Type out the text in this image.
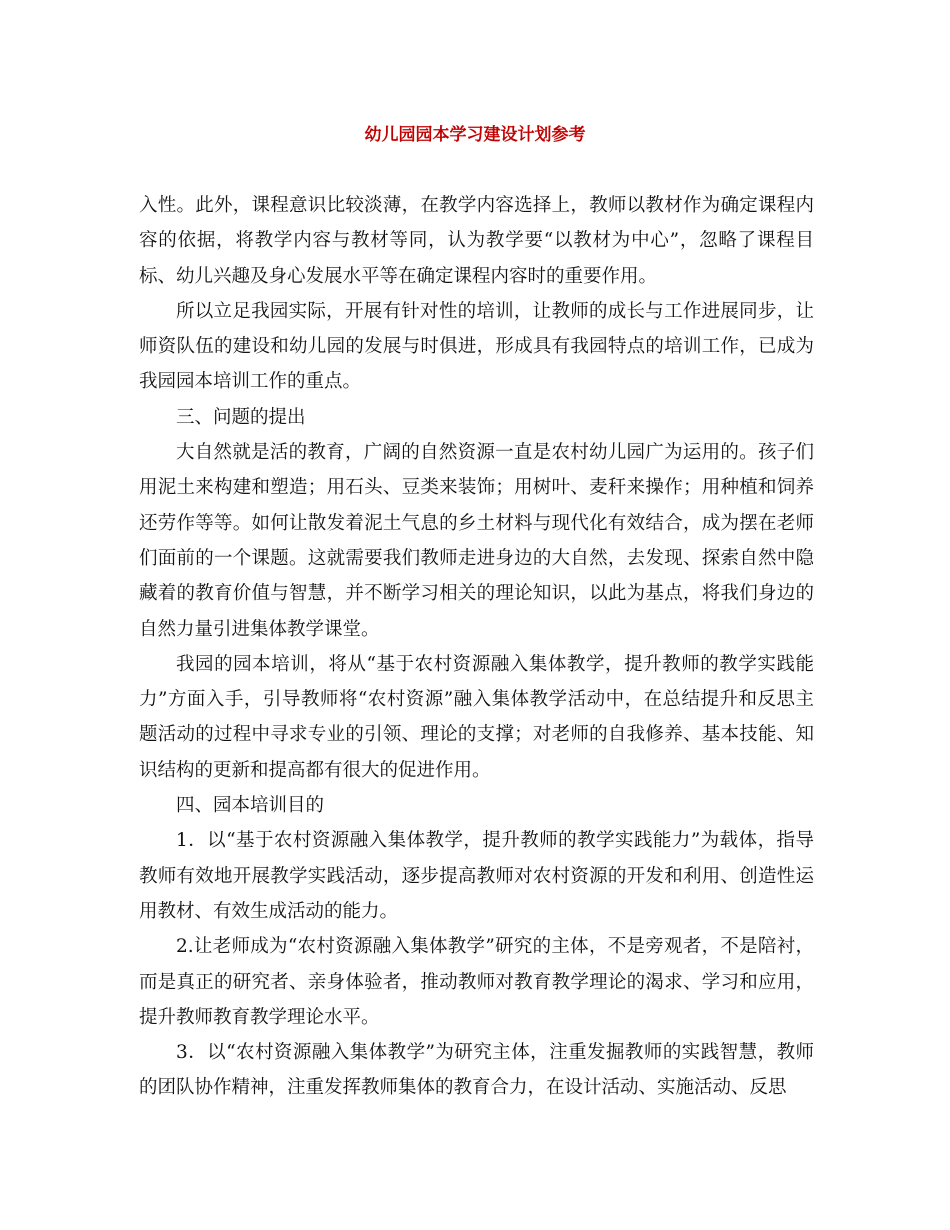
幼儿园园本学习建设计划参考

入性。此外，课程意识比较淡薄，在教学内容选择上，教师以教材作为确定课程内容的依据，将教学内容与教材等同，认为教学要“以教材为中心”，忽略了课程目标、幼儿兴趣及身心发展水平等在确定课程内容时的重要作用。

所以立足我园实际，开展有针对性的培训，让教师的成长与工作进展同步，让师资队伍的建设和幼儿园的发展与时俱进，形成具有我园特点的培训工作，已成为我园园本培训工作的重点。

三、问题的提出

大自然就是活的教育，广阔的自然资源一直是农村幼儿园广为运用的。孩子们用泥土来构建和塑造；用石头、豆类来装饰；用树叶、麦秆来操作；用种植和饲养还劳作等等。如何让散发着泥土气息的乡土材料与现代化有效结合，成为摆在老师们面前的一个课题。这就需要我们教师走进身边的大自然，去发现、探索自然中隐藏着的教育价值与智慧，并不断学习相关的理论知识，以此为基点，将我们身边的自然力量引进集体教学课堂。

我园的园本培训，将从“基于农村资源融入集体教学，提升教师的教学实践能力”方面入手，引导教师将“农村资源”融入集体教学活动中，在总结提升和反思主题活动的过程中寻求专业的引领、理论的支撑；对老师的自我修养、基本技能、知识结构的更新和提高都有很大的促进作用。

四、园本培训目的

1．以“基于农村资源融入集体教学，提升教师的教学实践能力”为载体，指导教师有效地开展教学实践活动，逐步提高教师对农村资源的开发和利用、创造性运用教材、有效生成活动的能力。

2.让老师成为“农村资源融入集体教学”研究的主体，不是旁观者，不是陪衬，而是真正的研究者、亲身体验者，推动教师对教育教学理论的渴求、学习和应用，提升教师教育教学理论水平。

3．以“农村资源融入集体教学”为研究主体，注重发掘教师的实践智慧，教师的团队协作精神，注重发挥教师集体的教育合力，在设计活动、实施活动、反思
